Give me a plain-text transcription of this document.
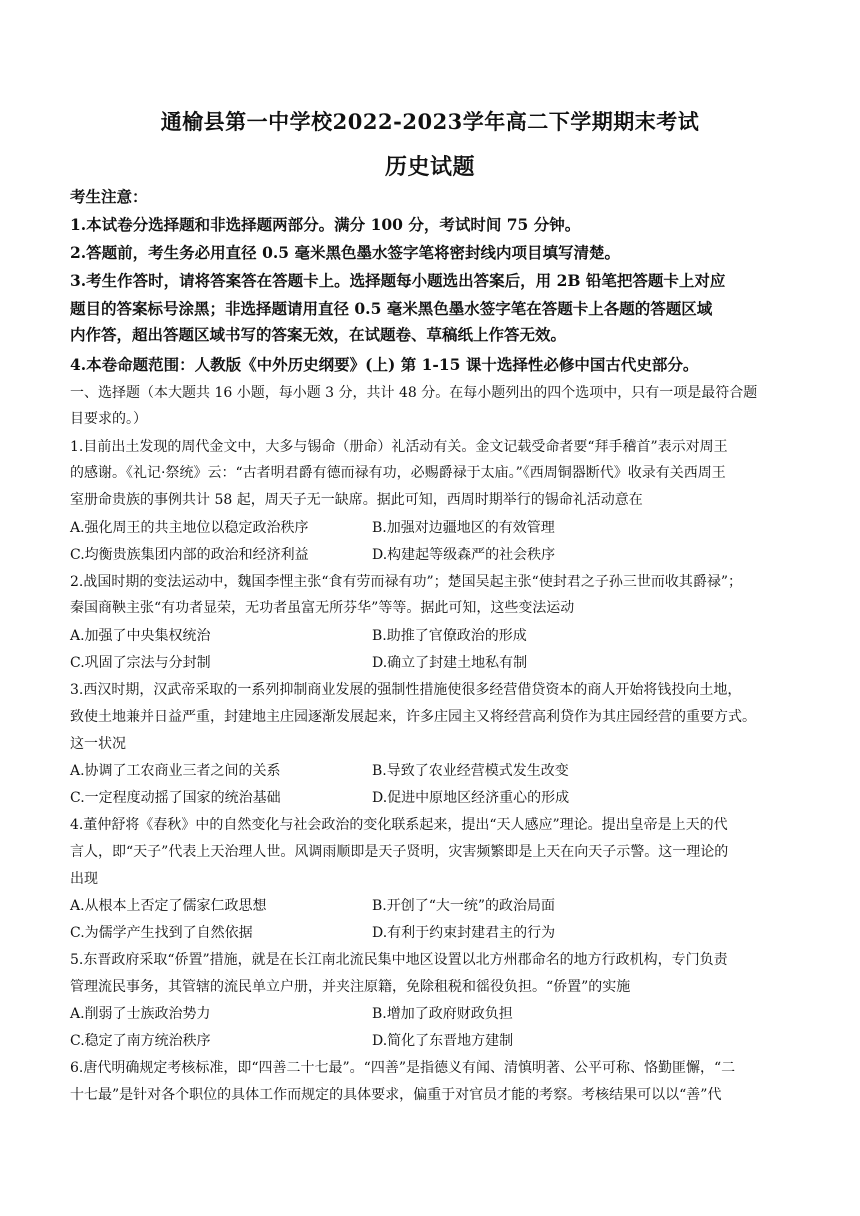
通榆县第一中学校2022-2023学年高二下学期期末考试
历史试题
考生注意：
1.本试卷分选择题和非选择题两部分。满分 100 分，考试时间 75 分钟。
2.答题前，考生务必用直径 0.5 毫米黑色墨水签字笔将密封线内项目填写清楚。
3.考生作答时，请将答案答在答题卡上。选择题每小题选出答案后，用 2B 铅笔把答题卡上对应
题目的答案标号涂黑；非选择题请用直径 0.5 毫米黑色墨水签字笔在答题卡上各题的答题区域
内作答，超出答题区域书写的答案无效，在试题卷、草稿纸上作答无效。
4.本卷命题范围：人教版《中外历史纲要》(上) 第 1-15 课十选择性必修中国古代史部分。
一、选择题（本大题共 16 小题，每小题 3 分，共计 48 分。在每小题列出的四个选项中，只有一项是最符合题
目要求的。）
1.目前出土发现的周代金文中，大多与锡命（册命）礼活动有关。金文记载受命者要“拜手稽首”表示对周王
的感谢。《礼记·祭统》云：“古者明君爵有德而禄有功，必赐爵禄于太庙。”《西周铜器断代》收录有关西周王
室册命贵族的事例共计 58 起，周天子无一缺席。据此可知，西周时期举行的锡命礼活动意在
A.强化周王的共主地位以稳定政治秩序	B.加强对边疆地区的有效管理
C.均衡贵族集团内部的政治和经济利益	D.构建起等级森严的社会秩序
2.战国时期的变法运动中，魏国李悝主张“食有劳而禄有功”；楚国吴起主张“使封君之子孙三世而收其爵禄”；
秦国商鞅主张“有功者显荣，无功者虽富无所芬华”等等。据此可知，这些变法运动
A.加强了中央集权统治	B.助推了官僚政治的形成
C.巩固了宗法与分封制	D.确立了封建土地私有制
3.西汉时期，汉武帝采取的一系列抑制商业发展的强制性措施使很多经营借贷资本的商人开始将钱投向土地，
致使土地兼并日益严重，封建地主庄园逐渐发展起来，许多庄园主又将经营高利贷作为其庄园经营的重要方式。
这一状况
A.协调了工农商业三者之间的关系	B.导致了农业经营模式发生改变
C.一定程度动摇了国家的统治基础	D.促进中原地区经济重心的形成
4.董仲舒将《春秋》中的自然变化与社会政治的变化联系起来，提出“天人感应”理论。提出皇帝是上天的代
言人，即“天子”代表上天治理人世。风调雨顺即是天子贤明，灾害频繁即是上天在向天子示警。这一理论的
出现
A.从根本上否定了儒家仁政思想	B.开创了“大一统”的政治局面
C.为儒学产生找到了自然依据	D.有利于约束封建君主的行为
5.东晋政府采取“侨置”措施，就是在长江南北流民集中地区设置以北方州郡命名的地方行政机构，专门负责
管理流民事务，其管辖的流民单立户册，并夹注原籍，免除租税和徭役负担。“侨置”的实施
A.削弱了士族政治势力	B.增加了政府财政负担
C.稳定了南方统治秩序	D.简化了东晋地方建制
6.唐代明确规定考核标准，即“四善二十七最”。“四善”是指德义有闻、清慎明著、公平可称、恪勤匪懈，“二
十七最”是针对各个职位的具体工作而规定的具体要求，偏重于对官员才能的考察。考核结果可以以“善”代
